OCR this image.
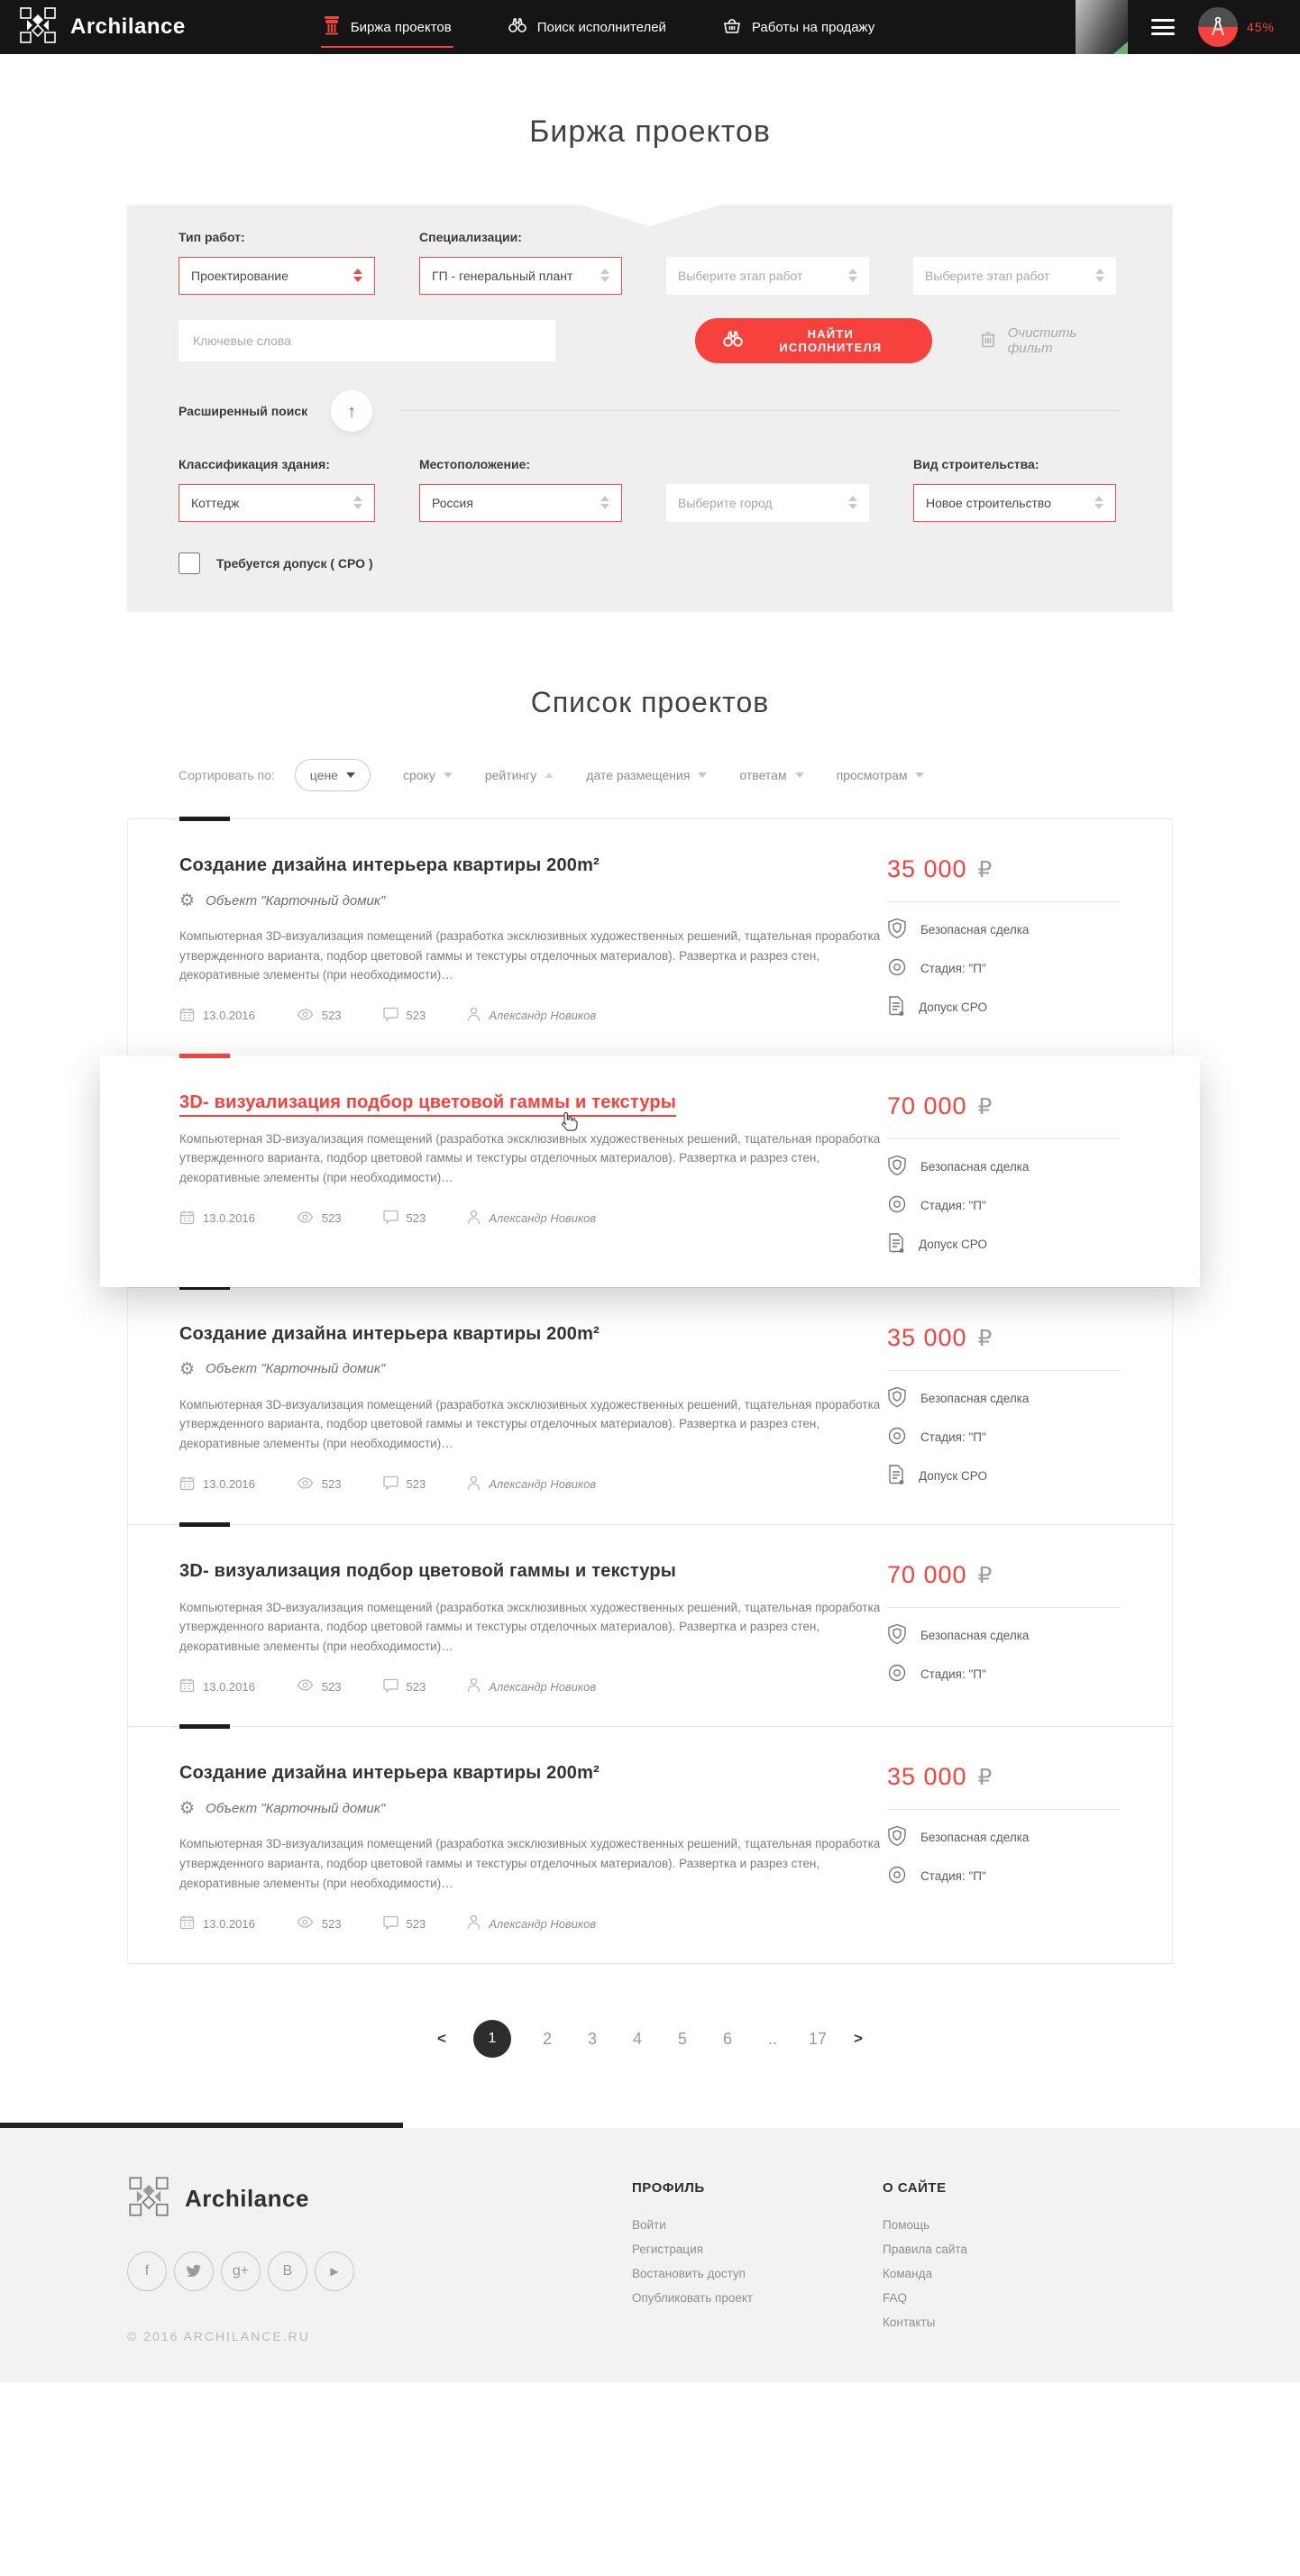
Archilance	Биржа проектов	Поиск исполнителей	Работы на продажу	45%
Биржа проектов
Тип работ:	Специализации:
Проектирование	ГП - генеральный плант	Выберите этап работ	Выберите этап работ
Ключевые слова
НАЙТИ ИСПОЛНИТЕЛЯ
Очистить фильт
Расширенный поиск	↑
Классификация здания:	Местоположение:	Вид строительства:
Коттедж	Россия	Выберите город	Новое строительство
Требуется допуск ( СРО )
Список проектов
Сортировать по:	цене	сроку	рейтингу	дате размещения	ответам	просмотрам
Создание дизайна интерьера квартиры 200m²
⚙ Объект "Карточный домик"

Компьютерная 3D-визуализация помещений (разработка эксклюзивных художественных решений, тщательная проработка утвержденного варианта, подбор цветовой гаммы и текстуры отделочных материалов). Развертка и разрез стен, декоративные элементы (при необходимости)…

13.0.2016	523	523	Александр Новиков
35 000 ₽
Безопасная сделка
Стадия: "П"
Допуск СРО
3D- визуализация подбор цветовой гаммы и текстуры

Компьютерная 3D-визуализация помещений (разработка эксклюзивных художественных решений, тщательная проработка утвержденного варианта, подбор цветовой гаммы и текстуры отделочных материалов). Развертка и разрез стен, декоративные элементы (при необходимости)…

13.0.2016	523	523	Александр Новиков
70 000 ₽
Безопасная сделка
Стадия: "П"
Допуск СРО
Создание дизайна интерьера квартиры 200m²
⚙ Объект "Карточный домик"

Компьютерная 3D-визуализация помещений (разработка эксклюзивных художественных решений, тщательная проработка утвержденного варианта, подбор цветовой гаммы и текстуры отделочных материалов). Развертка и разрез стен, декоративные элементы (при необходимости)…

13.0.2016	523	523	Александр Новиков
35 000 ₽
Безопасная сделка
Стадия: "П"
Допуск СРО
3D- визуализация подбор цветовой гаммы и текстуры

Компьютерная 3D-визуализация помещений (разработка эксклюзивных художественных решений, тщательная проработка утвержденного варианта, подбор цветовой гаммы и текстуры отделочных материалов). Развертка и разрез стен, декоративные элементы (при необходимости)…

13.0.2016	523	523	Александр Новиков
70 000 ₽
Безопасная сделка
Стадия: "П"
Создание дизайна интерьера квартиры 200m²
⚙ Объект "Карточный домик"

Компьютерная 3D-визуализация помещений (разработка эксклюзивных художественных решений, тщательная проработка утвержденного варианта, подбор цветовой гаммы и текстуры отделочных материалов). Развертка и разрез стен, декоративные элементы (при необходимости)…

13.0.2016	523	523	Александр Новиков
35 000 ₽
Безопасная сделка
Стадия: "П"
<	1	2 3 4 5 6 .. 17 >
Archilance
f	g+ B	▶
© 2016 ARCHILANCE.RU
ПРОФИЛЬ
Войти
Регистрация
Востановить доступ
Опубликовать проект
О САЙТЕ
Помощь
Правила сайта
Команда
FAQ
Контакты
